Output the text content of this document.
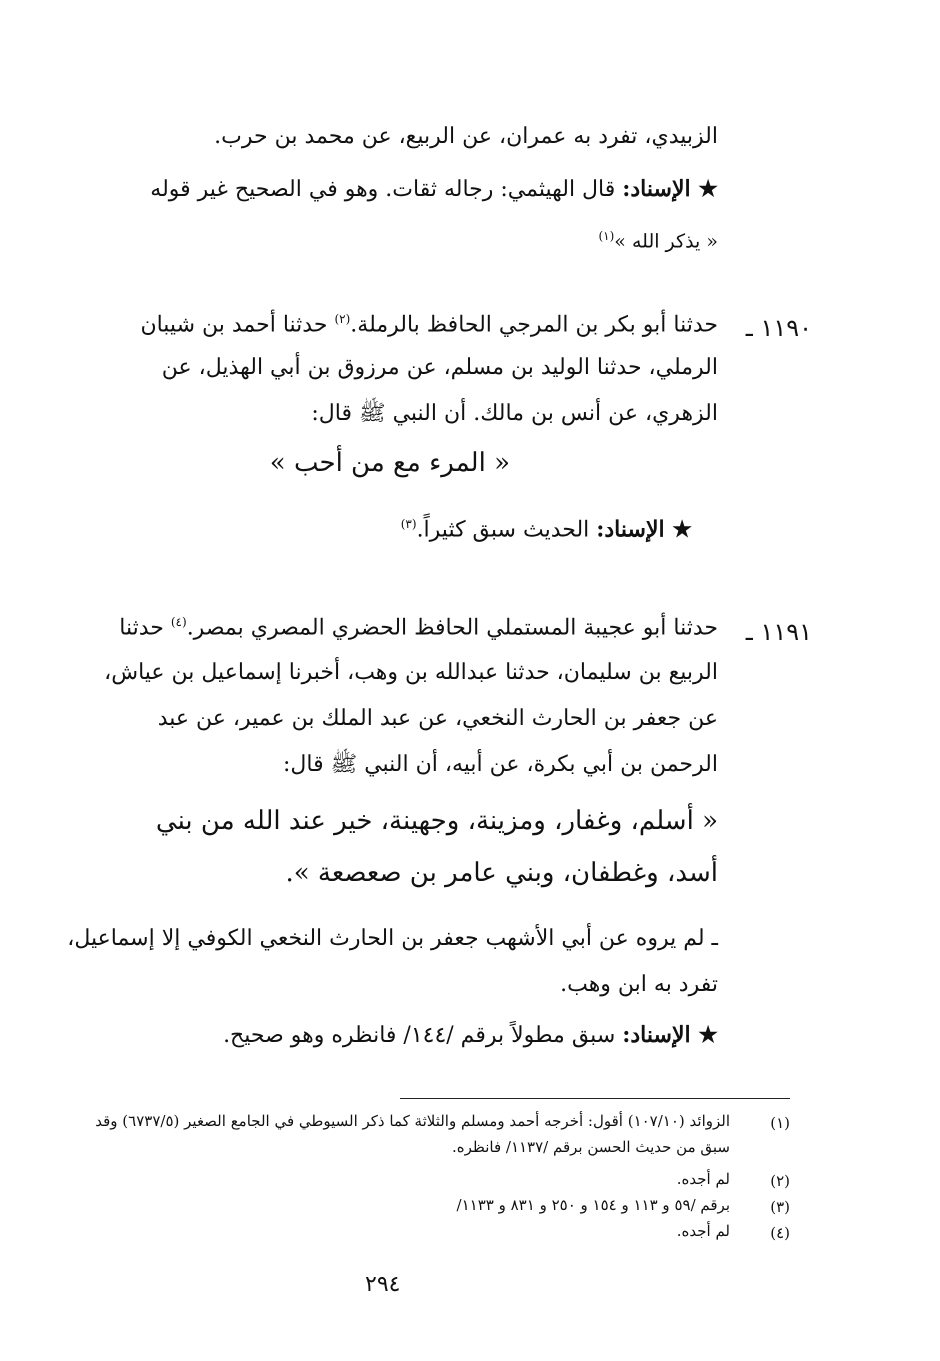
الزبيدي، تفرد به عمران، عن الربيع، عن محمد بن حرب.
★ الإسناد: قال الهيثمي: رجاله ثقات. وهو في الصحيح غير قوله
« يذكر الله »$^{(١)}$
١١٩٠ ـ
حدثنا أبو بكر بن المرجي الحافظ بالرملة.$^{(٢)}$ حدثنا أحمد بن شيبان
الرملي، حدثنا الوليد بن مسلم، عن مرزوق بن أبي الهذيل، عن
الزهري، عن أنس بن مالك. أن النبي ﷺ قال:
« المرء مع من أحب »
★ الإسناد: الحديث سبق كثيراً.$^{(٣)}$
١١٩١ ـ
حدثنا أبو عجيبة المستملي الحافظ الحضري المصري بمصر.$^{(٤)}$ حدثنا
الربيع بن سليمان، حدثنا عبدالله بن وهب، أخبرنا إسماعيل بن عياش،
عن جعفر بن الحارث النخعي، عن عبد الملك بن عمير، عن عبد
الرحمن بن أبي بكرة، عن أبيه، أن النبي ﷺ قال:
« أسلم، وغفار، ومزينة، وجهينة، خير عند الله من بني
أسد، وغطفان، وبني عامر بن صعصعة ».
ـ لم يروه عن أبي الأشهب جعفر بن الحارث النخعي الكوفي إلا إسماعيل،
تفرد به ابن وهب.
★ الإسناد: سبق مطولاً برقم /١٤٤/ فانظره وهو صحيح.
(١)
الزوائد (١٠٧/١٠) أقول: أخرجه أحمد ومسلم والثلاثة كما ذكر السيوطي في الجامع الصغير (٦٧٣٧/٥) وقد
سبق من حديث الحسن برقم /١١٣٧/ فانظره.
(٢)
لم أجده.
(٣)
برقم /٥٩ و ١١٣ و ١٥٤ و ٢٥٠ و ٨٣١ و ١١٣٣/
(٤)
لم أجده.
٢٩٤
